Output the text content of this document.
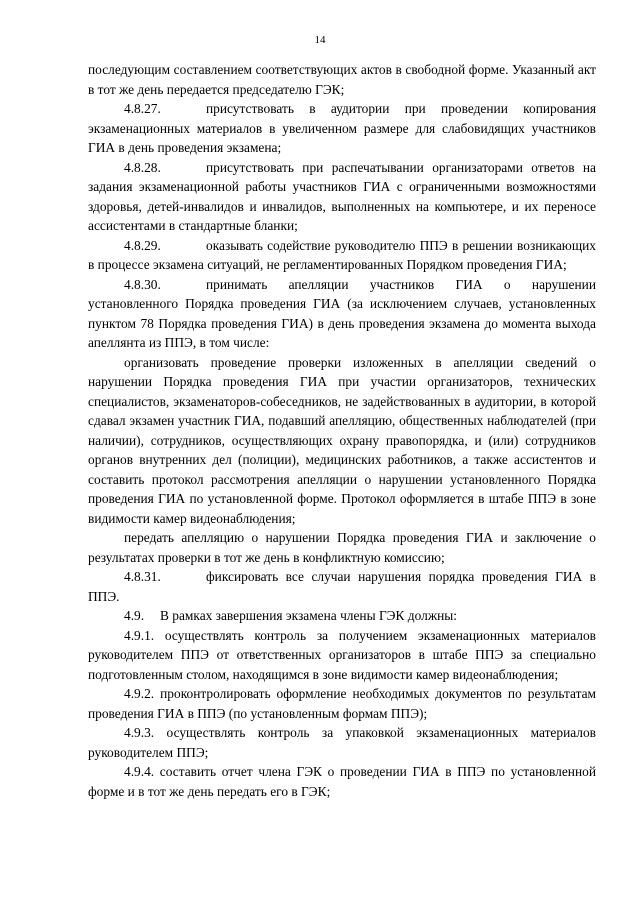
14

последующим составлением соответствующих актов в свободной форме. Указанный акт в тот же день передается председателю ГЭК;

4.8.27.	присутствовать в аудитории при проведении копирования экзаменационных материалов в увеличенном размере для слабовидящих участников ГИА в день проведения экзамена;

4.8.28.	присутствовать при распечатывании организаторами ответов на задания экзаменационной работы участников ГИА с ограниченными возможностями здоровья, детей-инвалидов и инвалидов, выполненных на компьютере, и их переносе ассистентами в стандартные бланки;

4.8.29.	оказывать содействие руководителю ППЭ в решении возникающих в процессе экзамена ситуаций, не регламентированных Порядком проведения ГИА;

4.8.30.	принимать апелляции участников ГИА о нарушении установленного Порядка проведения ГИА (за исключением случаев, установленных пунктом 78 Порядка проведения ГИА) в день проведения экзамена до момента выхода апеллянта из ППЭ, в том числе:

организовать проведение проверки изложенных в апелляции сведений о нарушении Порядка проведения ГИА при участии организаторов, технических специалистов, экзаменаторов-собеседников, не задействованных в аудитории, в которой сдавал экзамен участник ГИА, подавший апелляцию, общественных наблюдателей (при наличии), сотрудников, осуществляющих охрану правопорядка, и (или) сотрудников органов внутренних дел (полиции), медицинских работников, а также ассистентов и составить протокол рассмотрения апелляции о нарушении установленного Порядка проведения ГИА по установленной форме. Протокол оформляется в штабе ППЭ в зоне видимости камер видеонаблюдения;

передать апелляцию о нарушении Порядка проведения ГИА и заключение о результатах проверки в тот же день в конфликтную комиссию;

4.8.31.	фиксировать все случаи нарушения порядка проведения ГИА в ППЭ.

4.9. В рамках завершения экзамена члены ГЭК должны:

4.9.1. осуществлять контроль за получением экзаменационных материалов руководителем ППЭ от ответственных организаторов в штабе ППЭ за специально подготовленным столом, находящимся в зоне видимости камер видеонаблюдения;

4.9.2. проконтролировать оформление необходимых документов по результатам проведения ГИА в ППЭ (по установленным формам ППЭ);

4.9.3. осуществлять контроль за упаковкой экзаменационных материалов руководителем ППЭ;

4.9.4. составить отчет члена ГЭК о проведении ГИА в ППЭ по установленной форме и в тот же день передать его в ГЭК;
